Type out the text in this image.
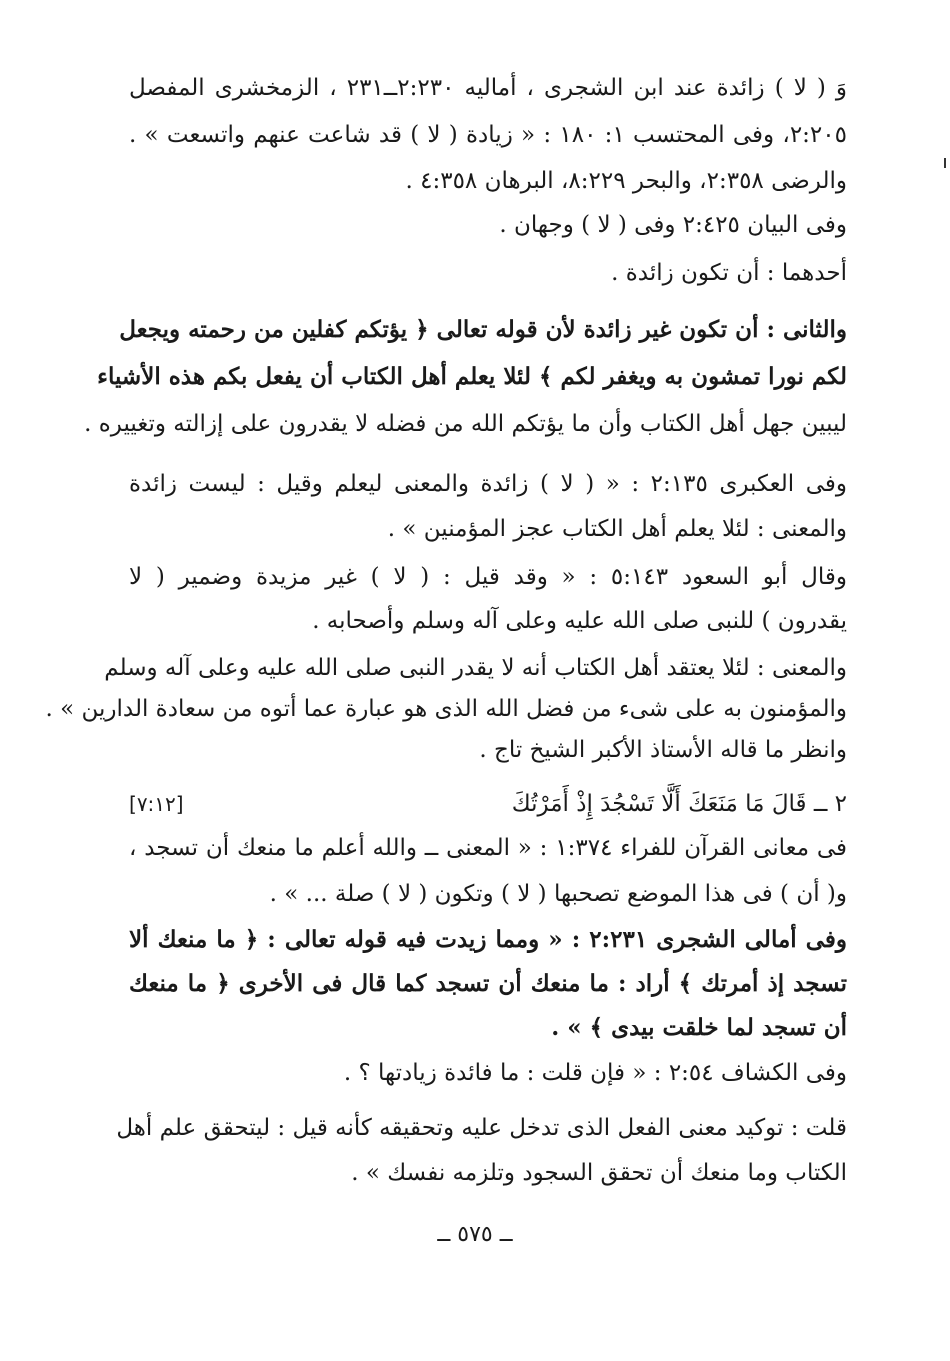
وَ ( لا ) زائدة عند ابن الشجرى ، أماليه ٢:٢٣٠ــ٢٣١ ، الزمخشرى المفصل
٢:٢٠٥، وفى المحتسب ١: ١٨٠ : « زيادة ( لا ) قد شاعت عنهم واتسعت » .
والرضى ٢:٣٥٨، والبحر ٨:٢٢٩، البرهان ٤:٣٥٨ .
وفى البيان ٢:٤٢٥ وفى ( لا ) وجهان .
أحدهما : أن تكون زائدة .
والثانى : أن تكون غير زائدة لأن قوله تعالى ﴿ يؤتكم كفلين من رحمته ويجعل
لكم نورا تمشون به ويغفر لكم ﴾ لئلا يعلم أهل الكتاب أن يفعل بكم هذه الأشياء
ليبين جهل أهل الكتاب وأن ما يؤتكم الله من فضله لا يقدرون على إزالته وتغييره .
وفى العكبرى ٢:١٣٥ : « ( لا ) زائدة والمعنى ليعلم وقيل : ليست زائدة
والمعنى : لئلا يعلم أهل الكتاب عجز المؤمنين » .
وقال أبو السعود ٥:١٤٣ : « وقد قيل : ( لا ) غير مزيدة وضمير ( لا
يقدرون ) للنبى صلى الله عليه وعلى آله وسلم وأصحابه .
والمعنى : لئلا يعتقد أهل الكتاب أنه لا يقدر النبى صلى الله عليه وعلى آله وسلم
والمؤمنون به على شىء من فضل الله الذى هو عبارة عما أتوه من سعادة الدارين » .
وانظر ما قاله الأستاذ الأكبر الشيخ تاج .
٢ ــ قَالَ مَا مَنَعَكَ أَلَّا تَسْجُدَ إِذْ أَمَرْتُكَ
[٧:١٢]
فى معانى القرآن للفراء ١:٣٧٤ : « المعنى ــ والله أعلم ما منعك أن تسجد ،
و( أن ) فى هذا الموضع تصحبها ( لا ) وتكون ( لا ) صلة ... » .
وفى أمالى الشجرى ٢:٢٣١ : « ومما زيدت فيه قوله تعالى : ﴿ ما منعك ألا
تسجد إذ أمرتك ﴾ أراد : ما منعك أن تسجد كما قال فى الأخرى ﴿ ما منعك
أن تسجد لما خلقت بيدى ﴾ » .
وفى الكشاف ٢:٥٤ : « فإن قلت : ما فائدة زيادتها ؟ .
قلت : توكيد معنى الفعل الذى تدخل عليه وتحقيقه كأنه قيل : ليتحقق علم أهل
الكتاب وما منعك أن تحقق السجود وتلزمه نفسك » .
ــ ٥٧٥ ــ
